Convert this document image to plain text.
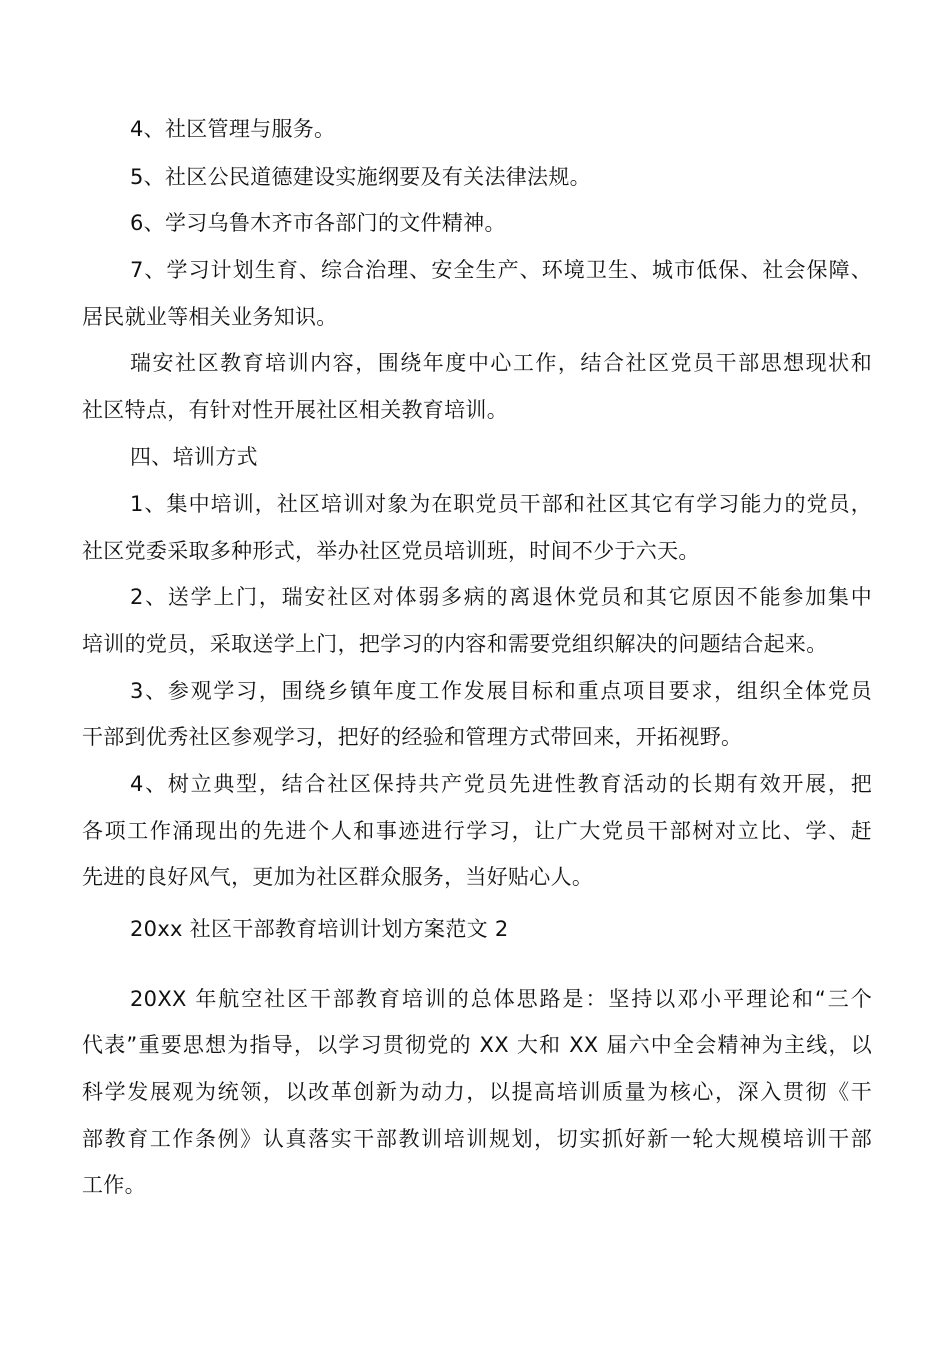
4、社区管理与服务。
5、社区公民道德建设实施纲要及有关法律法规。
6、学习乌鲁木齐市各部门的文件精神。
7、学习计划生育、综合治理、安全生产、环境卫生、城市低保、社会保障、
居民就业等相关业务知识。
瑞安社区教育培训内容，围绕年度中心工作，结合社区党员干部思想现状和
社区特点，有针对性开展社区相关教育培训。
四、培训方式
1、集中培训，社区培训对象为在职党员干部和社区其它有学习能力的党员，
社区党委采取多种形式，举办社区党员培训班，时间不少于六天。
2、送学上门，瑞安社区对体弱多病的离退休党员和其它原因不能参加集中
培训的党员，采取送学上门，把学习的内容和需要党组织解决的问题结合起来。
3、参观学习，围绕乡镇年度工作发展目标和重点项目要求，组织全体党员
干部到优秀社区参观学习，把好的经验和管理方式带回来，开拓视野。
4、树立典型，结合社区保持共产党员先进性教育活动的长期有效开展，把
各项工作涌现出的先进个人和事迹进行学习，让广大党员干部树对立比、学、赶
先进的良好风气，更加为社区群众服务，当好贴心人。
20xx 社区干部教育培训计划方案范文 2
20XX 年航空社区干部教育培训的总体思路是：坚持以邓小平理论和“三个
代表”重要思想为指导，以学习贯彻党的 XX 大和 XX 届六中全会精神为主线，以
科学发展观为统领，以改革创新为动力，以提高培训质量为核心，深入贯彻《干
部教育工作条例》认真落实干部教训培训规划，切实抓好新一轮大规模培训干部
工作。
